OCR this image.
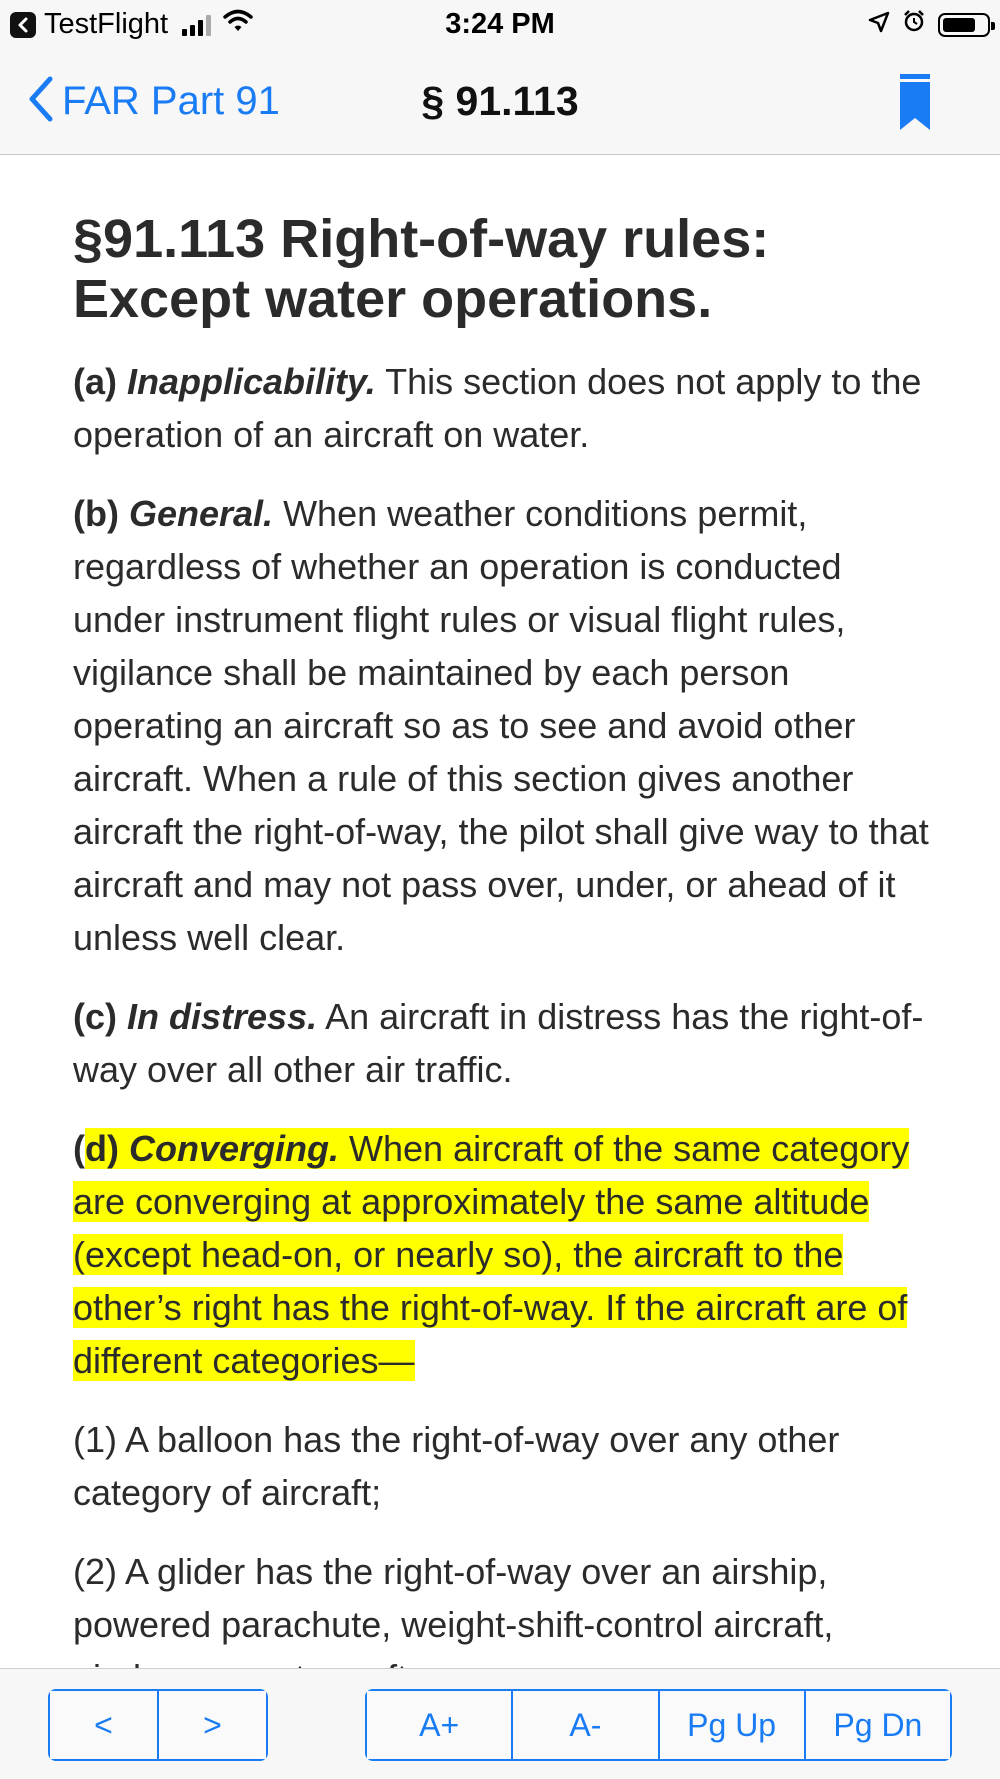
TestFlight	3:24 PM
FAR Part 91	§ 91.113
§91.113 Right-of-way rules: Except water operations.

(a) Inapplicability. This section does not apply to the operation of an aircraft on water.

(b) General. When weather conditions permit, regardless of whether an operation is conducted under instrument flight rules or visual flight rules, vigilance shall be maintained by each person operating an aircraft so as to see and avoid other aircraft. When a rule of this section gives another aircraft the right-of-way, the pilot shall give way to that aircraft and may not pass over, under, or ahead of it unless well clear.

(c) In distress. An aircraft in distress has the right-of-way over all other air traffic.

(d) Converging. When aircraft of the same category are converging at approximately the same altitude (except head-on, or nearly so), the aircraft to the other’s right has the right-of-way. If the aircraft are of different categories—

(1) A balloon has the right-of-way over any other category of aircraft;

(2) A glider has the right-of-way over an airship, powered parachute, weight-shift-control aircraft,

<	>	A+	A-	Pg Up	Pg Dn
